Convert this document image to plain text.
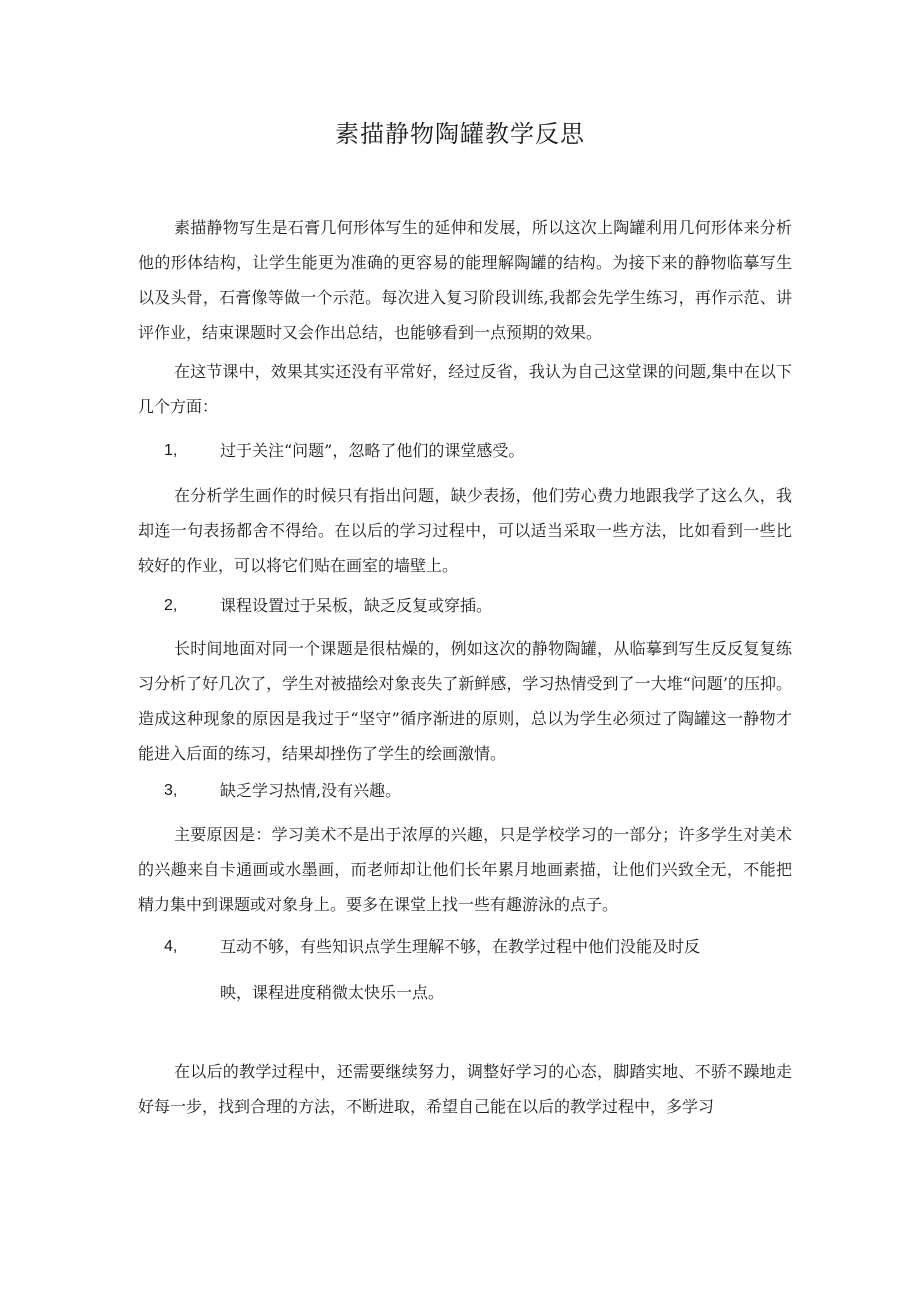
素描静物陶罐教学反思

素描静物写生是石膏几何形体写生的延伸和发展，所以这次上陶罐利用几何形体来分析他的形体结构，让学生能更为准确的更容易的能理解陶罐的结构。为接下来的静物临摹写生以及头骨，石膏像等做一个示范。每次进入复习阶段训练,我都会先学生练习，再作示范、讲评作业，结束课题时又会作出总结，也能够看到一点预期的效果。

在这节课中，效果其实还没有平常好，经过反省，我认为自己这堂课的问题,集中在以下几个方面：

1,	过于关注“问题”，忽略了他们的课堂感受。

在分析学生画作的时候只有指出问题，缺少表扬，他们劳心费力地跟我学了这么久，我却连一句表扬都舍不得给。在以后的学习过程中，可以适当采取一些方法，比如看到一些比较好的作业，可以将它们贴在画室的墙壁上。

2,	课程设置过于呆板，缺乏反复或穿插。

长时间地面对同一个课题是很枯燥的，例如这次的静物陶罐，从临摹到写生反反复复练习分析了好几次了，学生对被描绘对象丧失了新鲜感，学习热情受到了一大堆“问题’的压抑。造成这种现象的原因是我过于“坚守”循序渐进的原则，总以为学生必须过了陶罐这一静物才能进入后面的练习，结果却挫伤了学生的绘画激情。

3,	缺乏学习热情,没有兴趣。

主要原因是：学习美术不是出于浓厚的兴趣，只是学校学习的一部分；许多学生对美术的兴趣来自卡通画或水墨画，而老师却让他们长年累月地画素描，让他们兴致全无，不能把精力集中到课题或对象身上。要多在课堂上找一些有趣游泳的点子。

4,	互动不够，有些知识点学生理解不够，在教学过程中他们没能及时反

映，课程进度稍微太快乐一点。

在以后的教学过程中，还需要继续努力，调整好学习的心态，脚踏实地、不骄不躁地走好每一步，找到合理的方法，不断进取，希望自己能在以后的教学过程中，多学习
